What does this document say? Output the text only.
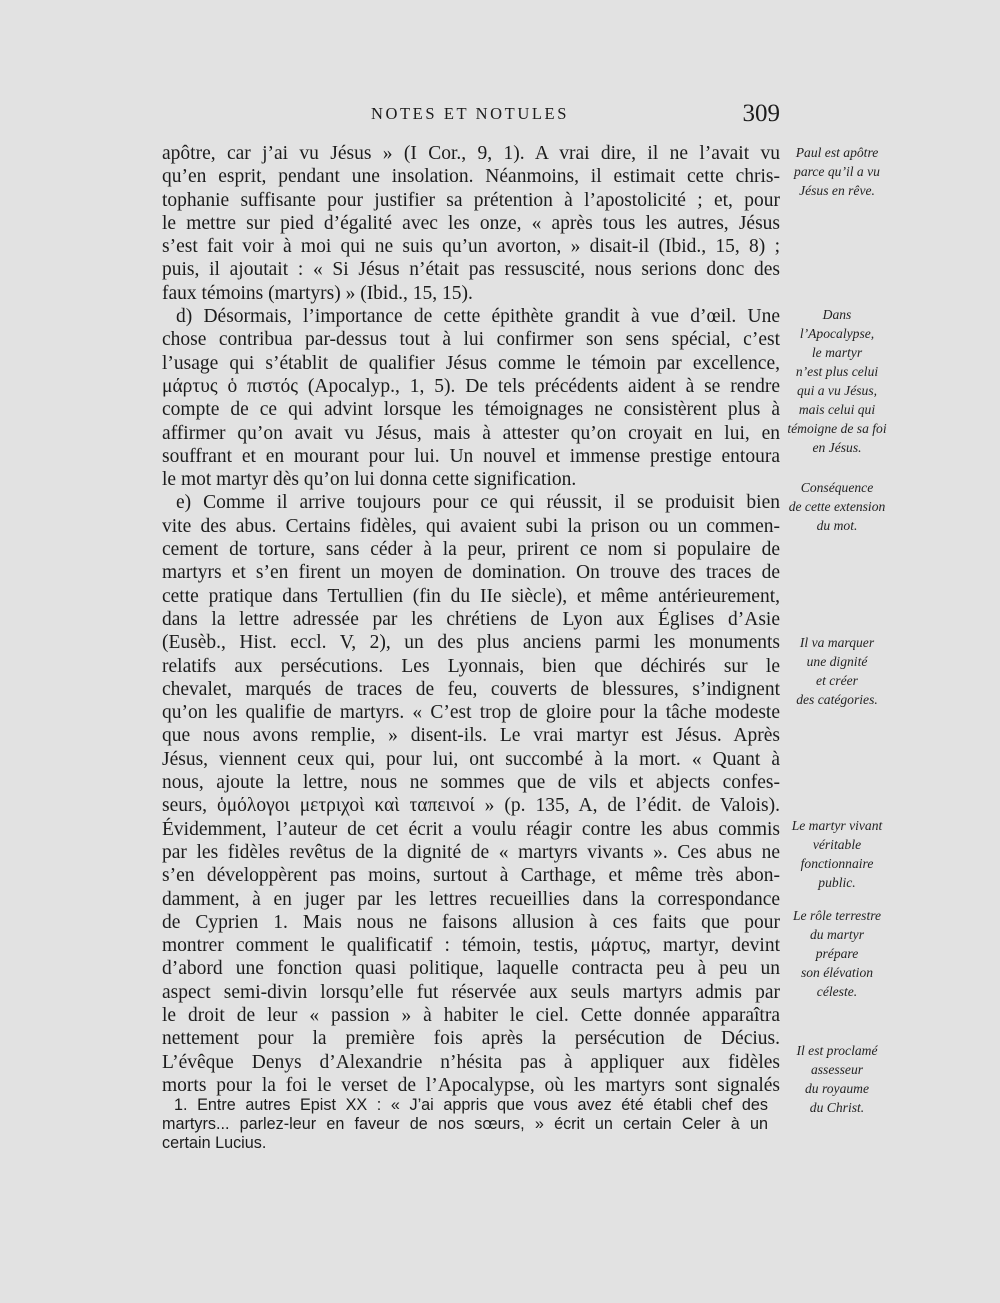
NOTES ET NOTULES	309
apôtre, car j’ai vu Jésus » (I Cor., 9, 1). A vrai dire, il ne l’avait vu
qu’en esprit, pendant une insolation. Néanmoins, il estimait cette chris-
tophanie suffisante pour justifier sa prétention à l’apostolicité ; et, pour
le mettre sur pied d’égalité avec les onze, « après tous les autres, Jésus
s’est fait voir à moi qui ne suis qu’un avorton, » disait-il (Ibid., 15, 8) ;
puis, il ajoutait : « Si Jésus n’était pas ressuscité, nous serions donc des
faux témoins (martyrs) » (Ibid., 15, 15).
d) Désormais, l’importance de cette épithète grandit à vue d’œil. Une
chose contribua par-dessus tout à lui confirmer son sens spécial, c’est
l’usage qui s’établit de qualifier Jésus comme le témoin par excellence,
μάρτυς ὁ πιστός (Apocalyp., 1, 5). De tels précédents aident à se rendre
compte de ce qui advint lorsque les témoignages ne consistèrent plus à
affirmer qu’on avait vu Jésus, mais à attester qu’on croyait en lui, en
souffrant et en mourant pour lui. Un nouvel et immense prestige entoura
le mot martyr dès qu’on lui donna cette signification.
e) Comme il arrive toujours pour ce qui réussit, il se produisit bien
vite des abus. Certains fidèles, qui avaient subi la prison ou un commen-
cement de torture, sans céder à la peur, prirent ce nom si populaire de
martyrs et s’en firent un moyen de domination. On trouve des traces de
cette pratique dans Tertullien (fin du IIe siècle), et même antérieurement,
dans la lettre adressée par les chrétiens de Lyon aux Églises d’Asie
(Eusèb., Hist. eccl. V, 2), un des plus anciens parmi les monuments
relatifs aux persécutions. Les Lyonnais, bien que déchirés sur le
chevalet, marqués de traces de feu, couverts de blessures, s’indignent
qu’on les qualifie de martyrs. « C’est trop de gloire pour la tâche modeste
que nous avons remplie, » disent-ils. Le vrai martyr est Jésus. Après
Jésus, viennent ceux qui, pour lui, ont succombé à la mort. « Quant à
nous, ajoute la lettre, nous ne sommes que de vils et abjects confes-
seurs, ὁμόλογοι μετριχοὶ καὶ ταπεινοί » (p. 135, A, de l’édit. de Valois).
Évidemment, l’auteur de cet écrit a voulu réagir contre les abus commis
par les fidèles revêtus de la dignité de « martyrs vivants ». Ces abus ne
s’en développèrent pas moins, surtout à Carthage, et même très abon-
damment, à en juger par les lettres recueillies dans la correspondance
de Cyprien 1. Mais nous ne faisons allusion à ces faits que pour
montrer comment le qualificatif : témoin, testis, μάρτυς, martyr, devint
d’abord une fonction quasi politique, laquelle contracta peu à peu un
aspect semi-divin lorsqu’elle fut réservée aux seuls martyrs admis par
le droit de leur « passion » à habiter le ciel. Cette donnée apparaîtra
nettement pour la première fois après la persécution de Décius.
L’évêque Denys d’Alexandrie n’hésita pas à appliquer aux fidèles
morts pour la foi le verset de l’Apocalypse, où les martyrs sont signalés
1. Entre autres Epist XX : « J’ai appris que vous avez été établi chef des
martyrs... parlez-leur en faveur de nos sœurs, » écrit un certain Celer à un
certain Lucius.
Paul est apôtre
parce qu’il a vu
Jésus en rêve.
Dans
l’Apocalypse,
le martyr
n’est plus celui
qui a vu Jésus,
mais celui qui
témoigne de sa foi
en Jésus.
Conséquence
de cette extension
du mot.
Il va marquer
une dignité
et créer
des catégories.
Le martyr vivant
véritable
fonctionnaire
public.
Le rôle terrestre
du martyr
prépare
son élévation
céleste.
Il est proclamé
assesseur
du royaume
du Christ.
